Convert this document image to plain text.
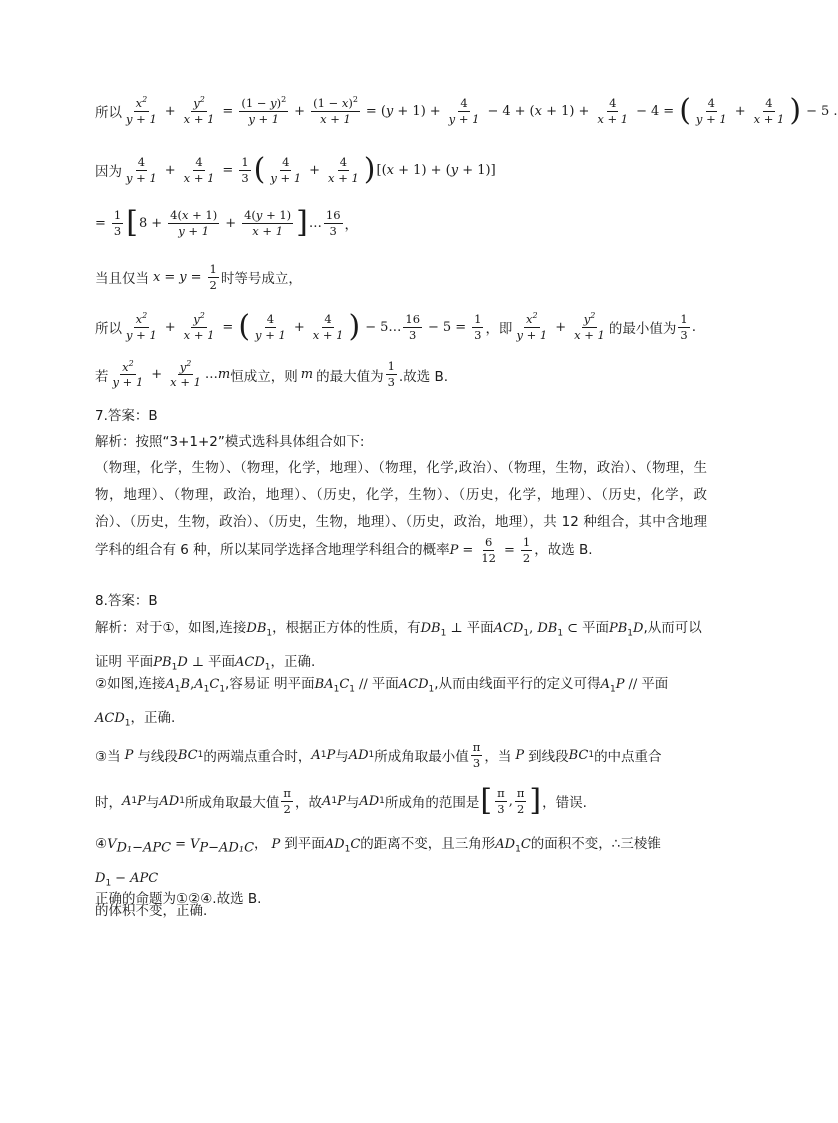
所以 $\frac{x^2}{y + 1} + \frac{y^2}{x + 1} = \frac{(1 - y)^2}{y + 1} + \frac{(1 - x)^2}{x + 1} = (y + 1) + \frac{4}{y + 1} - 4 + (x + 1) + \frac{4}{x + 1} - 4$ = ( $\frac{4}{y + 1} + \frac{4}{x + 1}$ ) − 5 .
因为 $\frac{4}{y + 1} + \frac{4}{x + 1} = \frac{1}{3}$ ( $\frac{4}{y + 1} + \frac{4}{x + 1}$ ) [(x + 1) + (y + 1)]
= $\frac{1}{3}$ [ $8 + \frac{4(x + 1)}{y + 1} + \frac{4(y + 1)}{x + 1}$ ] … $\frac{16}{3}$ ，
当且仅当 $x = y = \frac{1}{2}$ 时等号成立，
所以 $\frac{x^2}{y + 1} + \frac{y^2}{x + 1}$ = ( $\frac{4}{y + 1} + \frac{4}{x + 1}$ ) − 5… $\frac{16}{3} - 5 = \frac{1}{3}$ ，即 $\frac{x^2}{y + 1} + \frac{y^2}{x + 1}$ 的最小值为 $\frac{1}{3}$ .
若 $\frac{x^2}{y + 1} + \frac{y^2}{x + 1}$ … m 恒成立，则 m 的最大值为 $\frac{1}{3}$ .故选 B.
7.答案：B
解析：按照“3+1+2”模式选科具体组合如下:
（物理，化学，生物）、（物理，化学，地理）、（物理，化学,政治）、（物理，生物，政治）、（物理，生物，地理）、（物理，政治，地理）、（历史，化学，生物）、（历史，化学，地理）、（历史，化学，政治）、（历史，生物，政治）、（历史，生物，地理）、（历史，政治，地理），共 12 种组合，其中含地理学科的组合有 6 种，所以某同学选择含地理学科组合的概率$P = \frac{6}{12} = \frac{1}{2}$ ，故选 B.
8.答案：B
解析：对于①，如图,连接$DB_1$，根据正方体的性质，有$DB_1$ ⊥ 平面$ACD_1$, $DB_1$ ⊂ 平面$PB_1D$,从而可以证明 平面$PB_1D$ ⊥ 平面$ACD_1$，正确.
②如图,连接$A_1B,A_1C_1$,容易证 明平面$BA_1C_1$ // 平面$ACD_1$,从而由线面平行的定义可得$A_1P$ // 平面$ACD_1$，正确.
③当 P 与线段 BC 1 的两端点重合时， A 1 P 与 AD 1 所成角取最小值 $\frac{\pi}{3}$ ，当 P 到线段 BC 1 的中点重合
时， A 1 P 与 AD 1 所成角取最大值 $\frac{\pi}{2}$ ，故 A 1 P 与 AD 1 所成角的范围是 [ $\frac{\pi}{3}$ , $\frac{\pi}{2}$ ] ，错误.
$④V_{D_1-APC} = V_{P-AD_1C}$， P 到平面$AD_1C$的距离不变，且三角形$AD_1C$的面积不变，∴三棱锥$D_1$ − APC
的体积不变，正确.
正确的命题为①②④.故选 B.
